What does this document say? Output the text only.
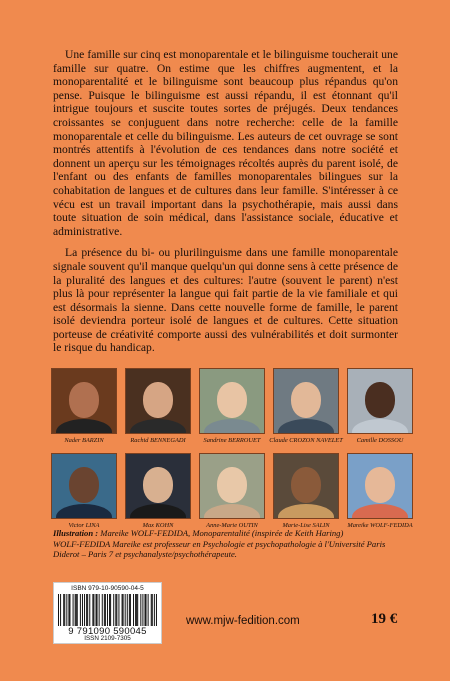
Une famille sur cinq est monoparentale et le bilinguisme toucherait une famille sur quatre. On estime que les chiffres augmentent, et la monoparentalité et le bilinguisme sont beaucoup plus répandus qu'on pense. Puisque le bilinguisme est aussi répandu, il est étonnant qu'il intrigue toujours et suscite toutes sortes de préjugés. Deux tendances croissantes se conjuguent dans notre recherche: celle de la famille monoparentale et celle du bilinguisme. Les auteurs de cet ouvrage se sont montrés attentifs à l'évolution de ces tendances dans notre société et donnent un aperçu sur les témoignages récoltés auprès du parent isolé, de l'enfant ou des enfants de familles monoparentales bilingues sur la cohabitation de langues et de cultures dans leur famille. S'intéresser à ce vécu est un travail important dans la psychothérapie, mais aussi dans toute situation de soin médical, dans l'assistance sociale, éducative et administrative.

La présence du bi- ou plurilinguisme dans une famille monoparentale signale souvent qu'il manque quelqu'un qui donne sens à cette présence de la pluralité des langues et des cultures: l'autre (souvent le parent) n'est plus là pour représenter la langue qui fait partie de la vie familiale et qui est désormais la sienne. Dans cette nouvelle forme de famille, le parent isolé deviendra porteur isolé de langues et de cultures. Cette situation porteuse de créativité comporte aussi des vulnérabilités et doit surmonter le risque du handicap.

Nader BARZIN	Rachid BENNEGADI	Sandrine BERROUET Claude CROZON NAVELET Camille DOSSOU
Victor LINA	Max KOHN	Anne-Marie OUTIN	Marie-Lise SALIN	Mareike WOLF-FEDIDA
Illustration : Mareike WOLF-FEDIDA, Monoparentalité (inspirée de Keith Haring)
WOLF-FEDIDA Mareike est professeur en Psychologie et psychopathologie à l'Université Paris Diderot – Paris 7 et psychanalyste/psychothérapeute.
ISBN 979-10-90590-04-5
9 791090 590045
ISSN 2109-7305
www.mjw-fedition.com	19 €
